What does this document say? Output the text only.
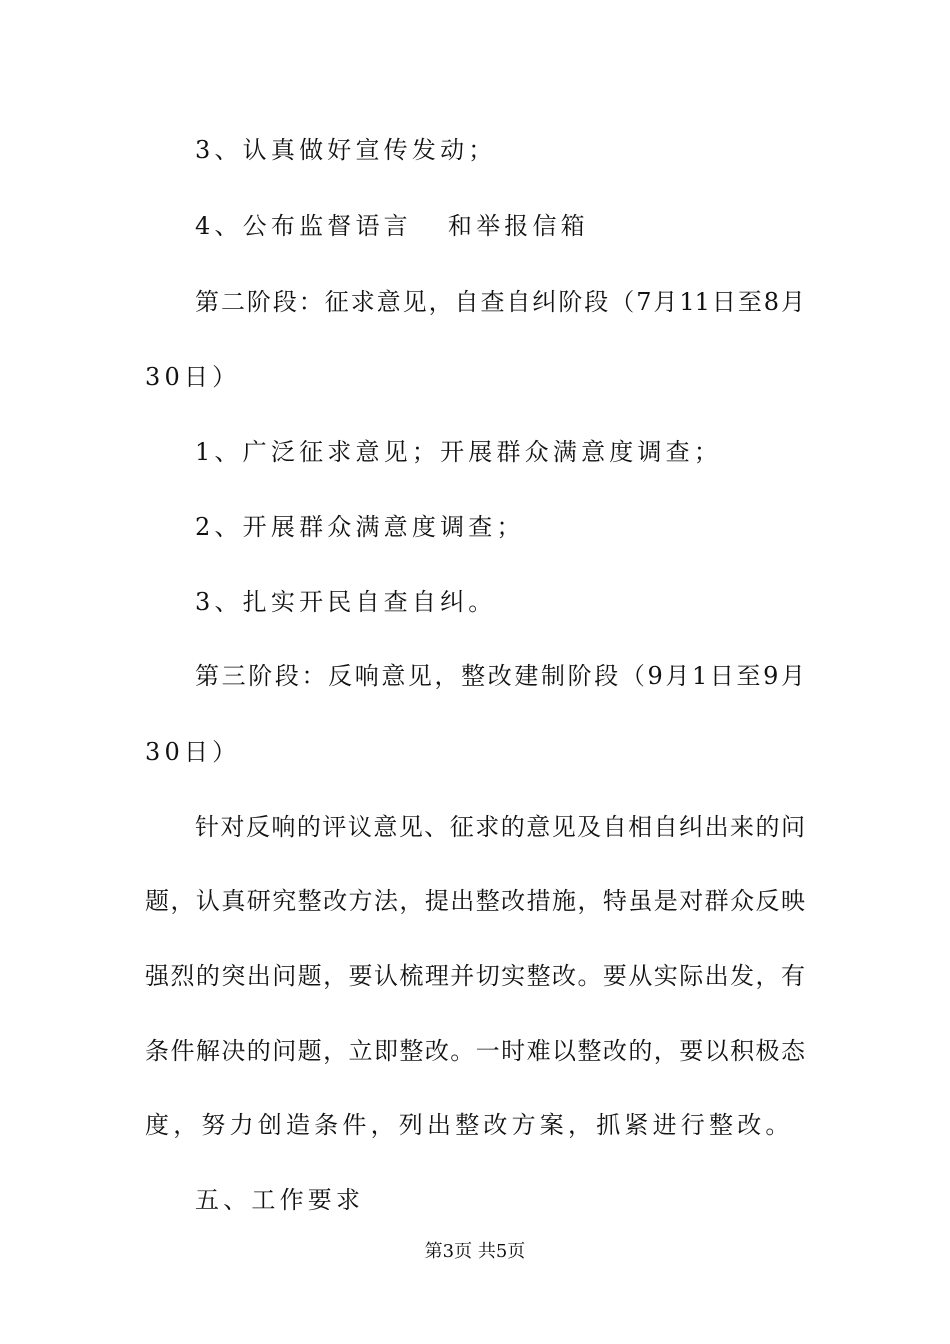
3、认真做好宣传发动；
4、公布监督语言 和举报信箱
第二阶段：征求意见，自查自纠阶段（7月11日至8月
30日）
1、广泛征求意见；开展群众满意度调查；
2、开展群众满意度调查；
3、扎实开民自查自纠。
第三阶段：反响意见，整改建制阶段（9月1日至9月
30日）
针对反响的评议意见、征求的意见及自相自纠出来的问
题，认真研究整改方法，提出整改措施，特虽是对群众反映
强烈的突出问题，要认梳理并切实整改。要从实际出发，有
条件解决的问题，立即整改。一时难以整改的，要以积极态
度，努力创造条件，列出整改方案，抓紧进行整改。
五、工作要求
第3页 共5页
